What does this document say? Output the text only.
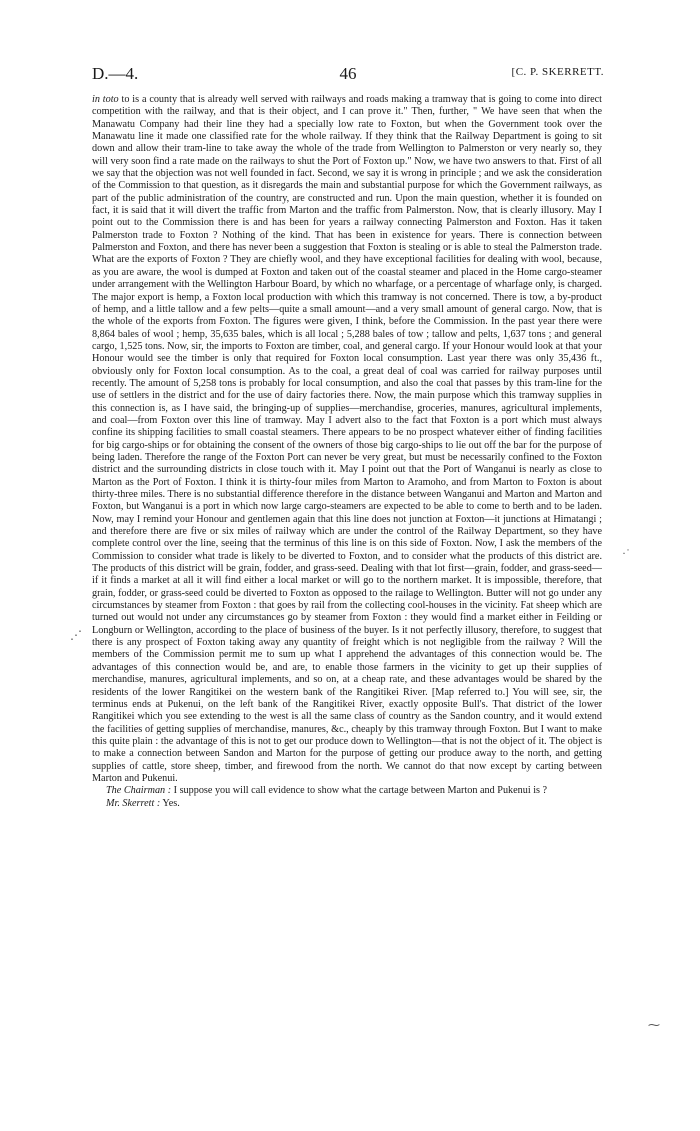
D.—4.	46	[C. P. SKERRETT.

in toto to is a county that is already well served with railways and roads making a tramway that is going to come into direct competition with the railway, and that is their object, and I can prove it." Then, further, " We have seen that when the Manawatu Company had their line they had a specially low rate to Foxton, but when the Government took over the Manawatu line it made one classified rate for the whole railway. If they think that the Railway Department is going to sit down and allow their tram-line to take away the whole of the trade from Wellington to Palmerston or very nearly so, they will very soon find a rate made on the railways to shut the Port of Foxton up." Now, we have two answers to that. First of all we say that the objection was not well founded in fact. Second, we say it is wrong in principle ; and we ask the consideration of the Commission to that question, as it disregards the main and substantial purpose for which the Government railways, as part of the public administration of the country, are constructed and run. Upon the main question, whether it is founded on fact, it is said that it will divert the traffic from Marton and the traffic from Palmerston. Now, that is clearly illusory. May I point out to the Commission there is and has been for years a railway connecting Palmerston and Foxton. Has it taken Palmerston trade to Foxton ? Nothing of the kind. That has been in existence for years. There is connection between Palmerston and Foxton, and there has never been a suggestion that Foxton is stealing or is able to steal the Palmerston trade. What are the exports of Foxton ? They are chiefly wool, and they have exceptional facilities for dealing with wool, because, as you are aware, the wool is dumped at Foxton and taken out of the coastal steamer and placed in the Home cargo-steamer under arrangement with the Wellington Harbour Board, by which no wharfage, or a percentage of wharfage only, is charged. The major export is hemp, a Foxton local production with which this tramway is not concerned. There is tow, a by-product of hemp, and a little tallow and a few pelts—quite a small amount—and a very small amount of general cargo. Now, that is the whole of the exports from Foxton. The figures were given, I think, before the Commission. In the past year there were 8,864 bales of wool ; hemp, 35,635 bales, which is all local ; 5,288 bales of tow ; tallow and pelts, 1,637 tons ; and general cargo, 1,525 tons. Now, sir, the imports to Foxton are timber, coal, and general cargo. If your Honour would look at that your Honour would see the timber is only that required for Foxton local consumption. Last year there was only 35,436 ft., obviously only for Foxton local consumption. As to the coal, a great deal of coal was carried for railway purposes until recently. The amount of 5,258 tons is probably for local consumption, and also the coal that passes by this tram-line for the use of settlers in the district and for the use of dairy factories there. Now, the main purpose which this tramway supplies in this connection is, as I have said, the bringing-up of supplies—merchandise, groceries, manures, agricultural implements, and coal—from Foxton over this line of tramway. May I advert also to the fact that Foxton is a port which must always confine its shipping facilities to small coastal steamers. There appears to be no prospect whatever either of finding facilities for big cargo-ships or for obtaining the consent of the owners of those big cargo-ships to lie out off the bar for the purpose of being laden. Therefore the range of the Foxton Port can never be very great, but must be necessarily confined to the Foxton district and the surrounding districts in close touch with it. May I point out that the Port of Wanganui is nearly as close to Marton as the Port of Foxton. I think it is thirty-four miles from Marton to Aramoho, and from Marton to Foxton is about thirty-three miles. There is no substantial difference therefore in the distance between Wanganui and Marton and Marton and Foxton, but Wanganui is a port in which now large cargo-steamers are expected to be able to come to berth and to be laden. Now, may I remind your Honour and gentlemen again that this line does not junction at Foxton—it junctions at Himatangi ; and therefore there are five or six miles of railway which are under the control of the Railway Department, so they have complete control over the line, seeing that the terminus of this line is on this side of Foxton. Now, I ask the members of the Commission to consider what trade is likely to be diverted to Foxton, and to consider what the products of this district are. The products of this district will be grain, fodder, and grass-seed. Dealing with that lot first—grain, fodder, and grass-seed—if it finds a market at all it will find either a local market or will go to the northern market. It is impossible, therefore, that grain, fodder, or grass-seed could be diverted to Foxton as opposed to the railage to Wellington. Butter will not go under any circumstances by steamer from Foxton : that goes by rail from the collecting cool-houses in the vicinity. Fat sheep which are turned out would not under any circumstances go by steamer from Foxton : they would find a market either in Feilding or Longburn or Wellington, according to the place of business of the buyer. Is it not perfectly illusory, therefore, to suggest that there is any prospect of Foxton taking away any quantity of freight which is not negligible from the railway ? Will the members of the Commission permit me to sum up what I apprehend the advantages of this connection would be. The advantages of this connection would be, and are, to enable those farmers in the vicinity to get up their supplies of merchandise, manures, agricultural implements, and so on, at a cheap rate, and these advantages would be shared by the residents of the lower Rangitikei on the western bank of the Rangitikei River. [Map referred to.] You will see, sir, the terminus ends at Pukenui, on the left bank of the Rangitikei River, exactly opposite Bull's. That district of the lower Rangitikei which you see extending to the west is all the same class of country as the Sandon country, and it would extend the facilities of getting supplies of merchandise, manures, &c., cheaply by this tramway through Foxton. But I want to make this quite plain : the advantage of this is not to get our produce down to Wellington—that is not the object of it. The object is to make a connection between Sandon and Marton for the purpose of getting our produce away to the north, and getting supplies of cattle, store sheep, timber, and firewood from the north. We cannot do that now except by carting between Marton and Pukenui.

The Chairman : I suppose you will call evidence to show what the cartage between Marton and Pukenui is ?

Mr. Skerrett : Yes.

·˙
⋰
⁓
